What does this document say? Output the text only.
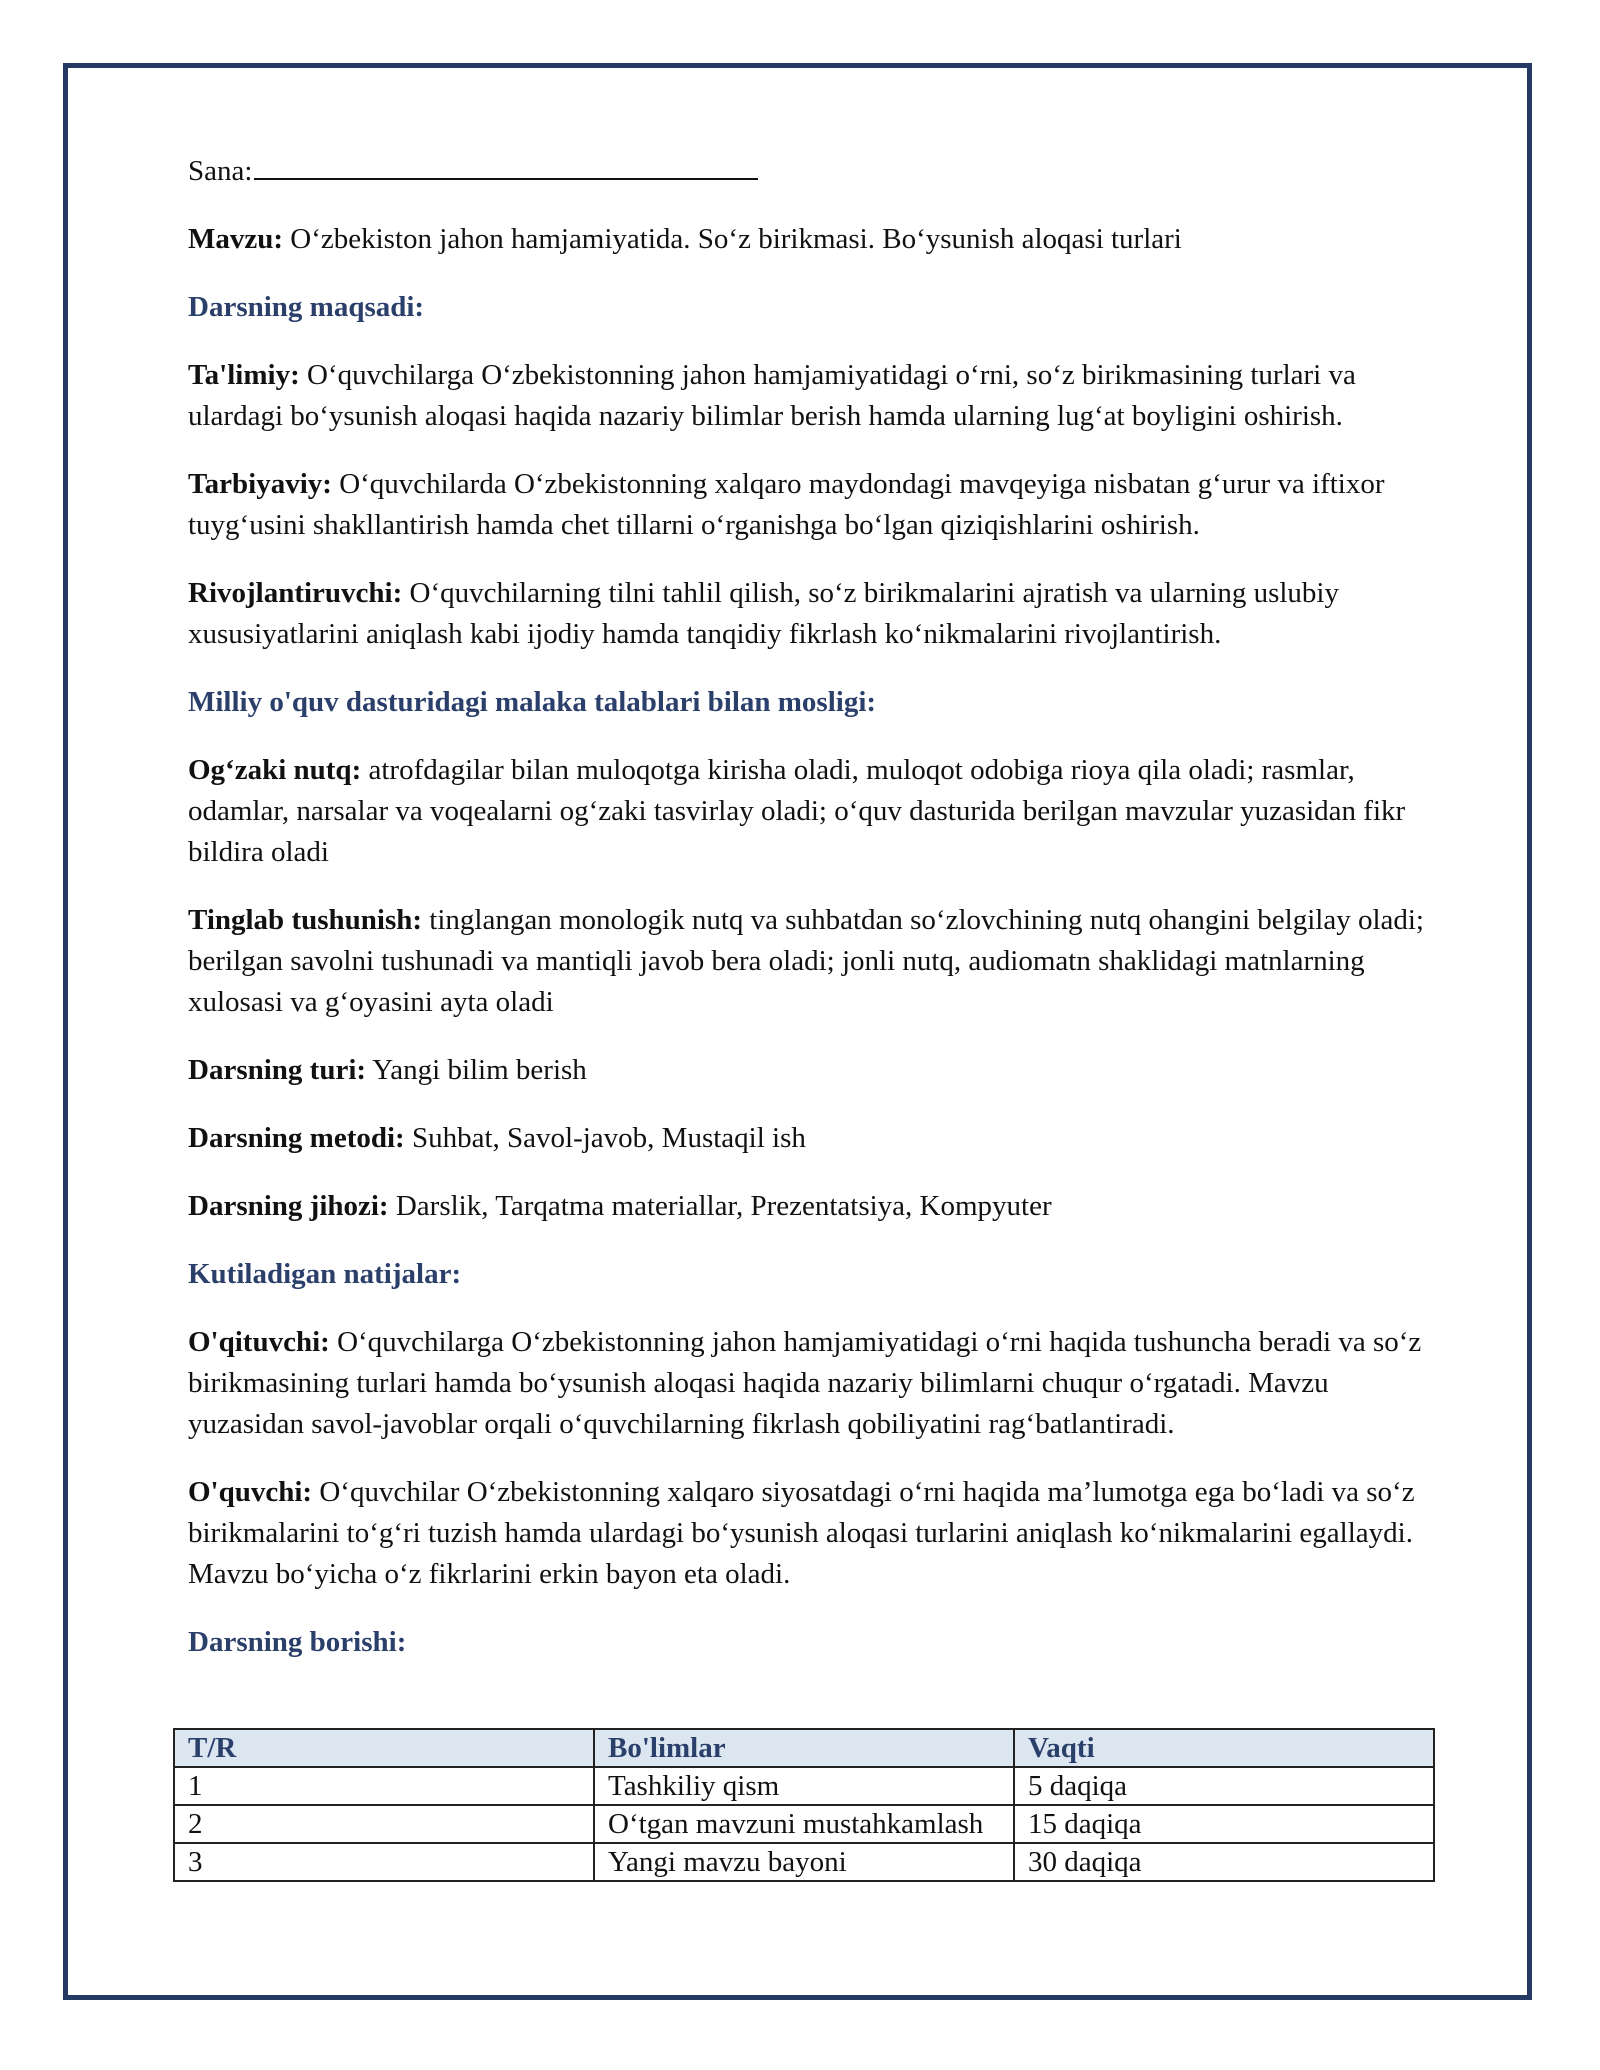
Sana:

Mavzu: O‘zbekiston jahon hamjamiyatida. So‘z birikmasi. Bo‘ysunish aloqasi turlari

Darsning maqsadi:

Ta'limiy: O‘quvchilarga O‘zbekistonning jahon hamjamiyatidagi o‘rni, so‘z birikmasining turlari va ulardagi bo‘ysunish aloqasi haqida nazariy bilimlar berish hamda ularning lug‘at boyligini oshirish.

Tarbiyaviy: O‘quvchilarda O‘zbekistonning xalqaro maydondagi mavqeyiga nisbatan g‘urur va iftixor tuyg‘usini shakllantirish hamda chet tillarni o‘rganishga bo‘lgan qiziqishlarini oshirish.

Rivojlantiruvchi: O‘quvchilarning tilni tahlil qilish, so‘z birikmalarini ajratish va ularning uslubiy xususiyatlarini aniqlash kabi ijodiy hamda tanqidiy fikrlash ko‘nikmalarini rivojlantirish.

Milliy o'quv dasturidagi malaka talablari bilan mosligi:

Og‘zaki nutq: atrofdagilar bilan muloqotga kirisha oladi, muloqot odobiga rioya qila oladi; rasmlar, odamlar, narsalar va voqealarni og‘zaki tasvirlay oladi; o‘quv dasturida berilgan mavzular yuzasidan fikr bildira oladi

Tinglab tushunish: tinglangan monologik nutq va suhbatdan so‘zlovchining nutq ohangini belgilay oladi; berilgan savolni tushunadi va mantiqli javob bera oladi; jonli nutq, audiomatn shaklidagi matnlarning xulosasi va g‘oyasini ayta oladi

Darsning turi: Yangi bilim berish

Darsning metodi: Suhbat, Savol-javob, Mustaqil ish

Darsning jihozi: Darslik, Tarqatma materiallar, Prezentatsiya, Kompyuter

Kutiladigan natijalar:

O'qituvchi: O‘quvchilarga O‘zbekistonning jahon hamjamiyatidagi o‘rni haqida tushuncha beradi va so‘z birikmasining turlari hamda bo‘ysunish aloqasi haqida nazariy bilimlarni chuqur o‘rgatadi. Mavzu yuzasidan savol-javoblar orqali o‘quvchilarning fikrlash qobiliyatini rag‘batlantiradi.

O'quvchi: O‘quvchilar O‘zbekistonning xalqaro siyosatdagi o‘rni haqida ma’lumotga ega bo‘ladi va so‘z birikmalarini to‘g‘ri tuzish hamda ulardagi bo‘ysunish aloqasi turlarini aniqlash ko‘nikmalarini egallaydi. Mavzu bo‘yicha o‘z fikrlarini erkin bayon eta oladi.

Darsning borishi:

T/R	Bo'limlar	Vaqti
1	Tashkiliy qism	5 daqiqa
2	O‘tgan mavzuni mustahkamlash	15 daqiqa
3	Yangi mavzu bayoni	30 daqiqa
